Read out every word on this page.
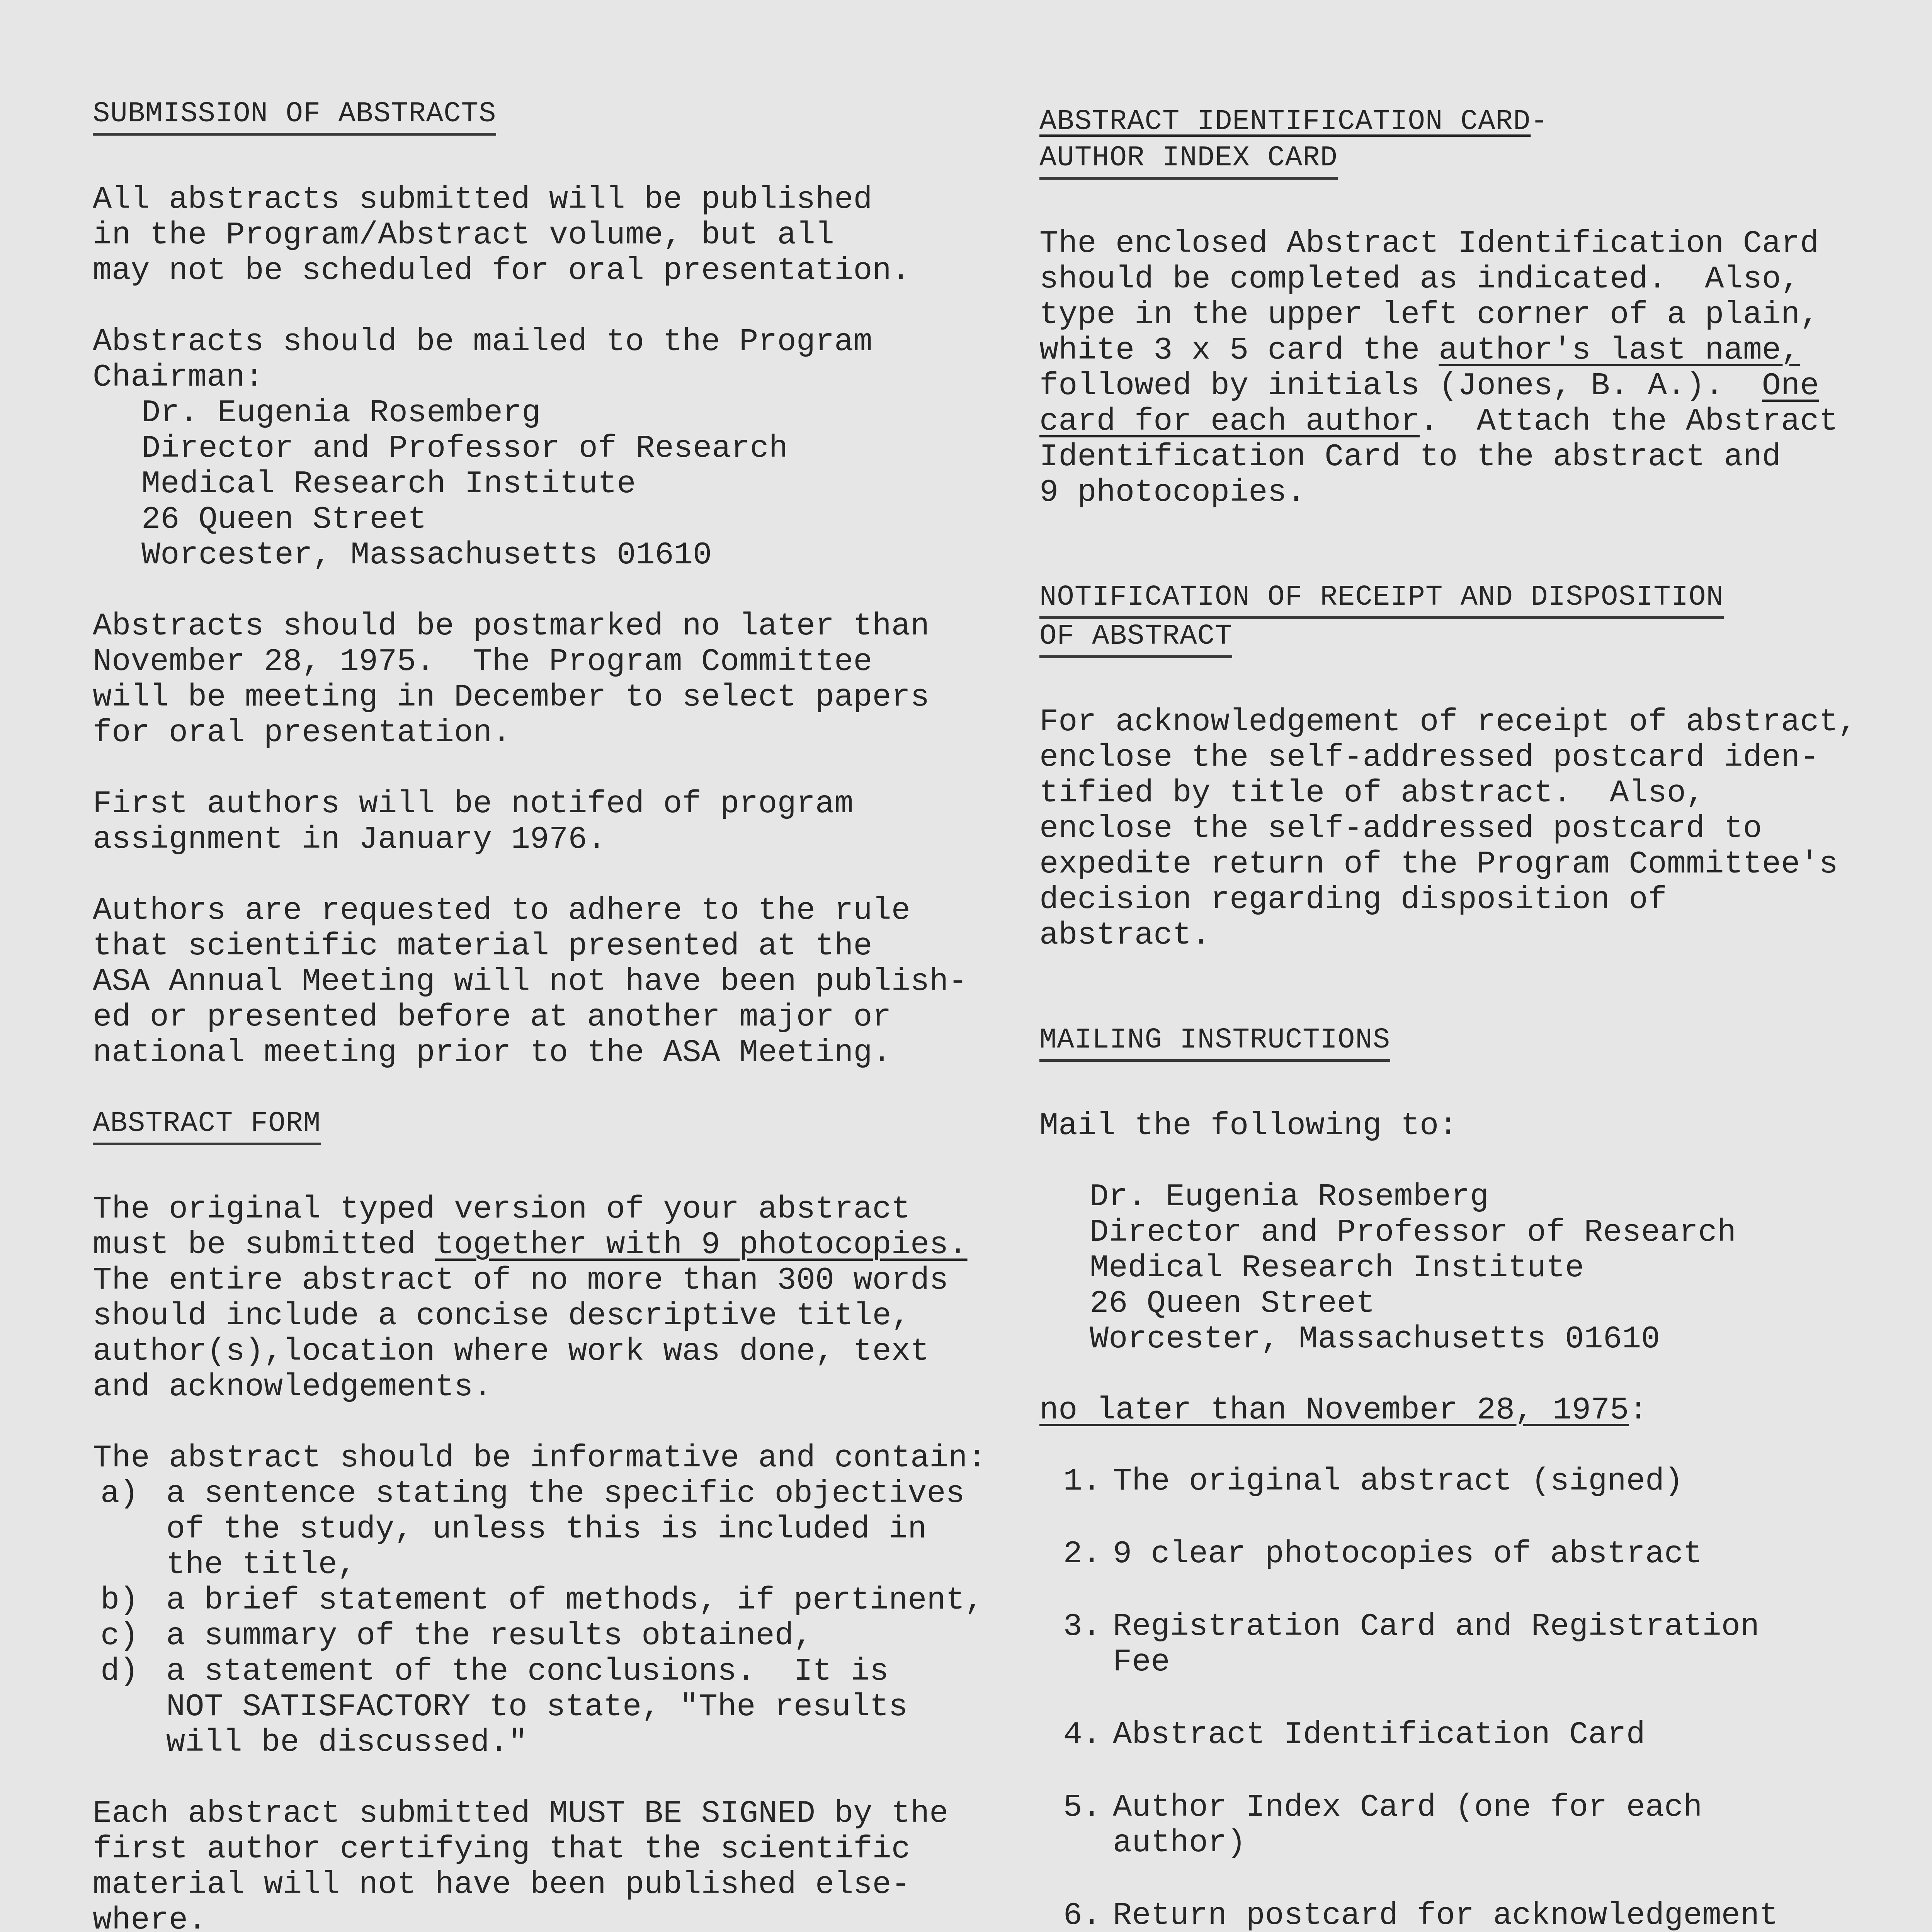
SUBMISSION OF ABSTRACTS

All abstracts submitted will be published

in the Program/Abstract volume, but all

may not be scheduled for oral presentation.

Abstracts should be mailed to the Program

Chairman:

Dr. Eugenia Rosemberg

Director and Professor of Research

Medical Research Institute

26 Queen Street

Worcester, Massachusetts 01610

Abstracts should be postmarked no later than

November 28, 1975.  The Program Committee

will be meeting in December to select papers

for oral presentation.

First authors will be notifed of program

assignment in January 1976.

Authors are requested to adhere to the rule

that scientific material presented at the

ASA Annual Meeting will not have been publish-

ed or presented before at another major or

national meeting prior to the ASA Meeting.

ABSTRACT FORM

The original typed version of your abstract

must be submitted together with 9 photocopies.

The entire abstract of no more than 300 words

should include a concise descriptive title,

author(s),location where work was done, text

and acknowledgements.

The abstract should be informative and contain:

a) a sentence stating the specific objectives
of the study, unless this is included in
the title,
b) a brief statement of methods, if pertinent,
c) a summary of the results obtained,
d) a statement of the conclusions.  It is
NOT SATISFACTORY to state, "The results
will be discussed."

Each abstract submitted MUST BE SIGNED by the

first author certifying that the scientific

material will not have been published else-

where.

ABSTRACT IDENTIFICATION CARD-
AUTHOR INDEX CARD

The enclosed Abstract Identification Card

should be completed as indicated.  Also,

type in the upper left corner of a plain,

white 3 x 5 card the author's last name,

followed by initials (Jones, B. A.).  One

card for each author.  Attach the Abstract

Identification Card to the abstract and

9 photocopies.

NOTIFICATION OF RECEIPT AND DISPOSITION
OF ABSTRACT

For acknowledgement of receipt of abstract,

enclose the self-addressed postcard iden-

tified by title of abstract.  Also,

enclose the self-addressed postcard to

expedite return of the Program Committee's

decision regarding disposition of

abstract.

MAILING INSTRUCTIONS

Mail the following to:

Dr. Eugenia Rosemberg

Director and Professor of Research

Medical Research Institute

26 Queen Street

Worcester, Massachusetts 01610

no later than November 28, 1975:

1. The original abstract (signed)
2. 9 clear photocopies of abstract
3. Registration Card and Registration
Fee
4. Abstract Identification Card
5. Author Index Card (one for each
author)
6. Return postcard for acknowledgement
